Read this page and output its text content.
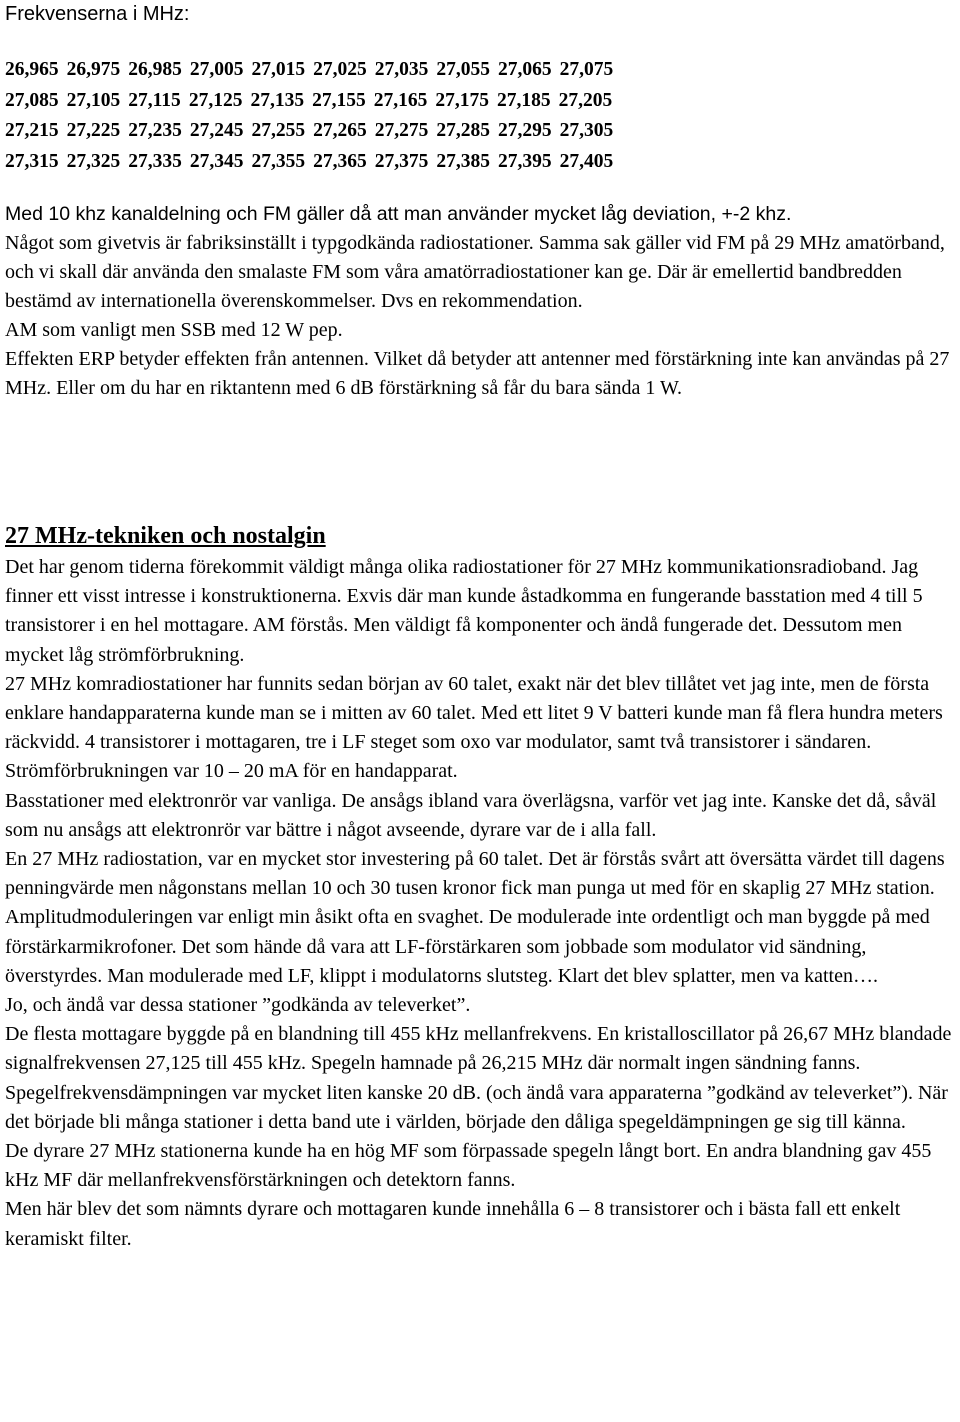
Frekvenserna i MHz:
26,965 26,975 26,985 27,005 27,015 27,025 27,035 27,055 27,065 27,075
27,085 27,105 27,115 27,125 27,135 27,155 27,165 27,175 27,185 27,205
27,215 27,225 27,235 27,245 27,255 27,265 27,275 27,285 27,295 27,305
27,315 27,325 27,335 27,345 27,355 27,365 27,375 27,385 27,395 27,405

Med 10 khz kanaldelning och FM gäller då att man använder mycket låg deviation, +-2 khz.

Något som givetvis är fabriksinställt i typgodkända radiostationer. Samma sak gäller vid FM på 29 MHz amatörband, och vi skall där använda den smalaste FM som våra amatörradiostationer kan ge. Där är emellertid bandbredden bestämd av internationella överenskommelser. Dvs en rekommendation.

AM som vanligt men SSB med 12 W pep.

Effekten ERP betyder effekten från antennen. Vilket då betyder att antenner med förstärkning inte kan användas på 27 MHz. Eller om du har en riktantenn med 6 dB förstärkning så får du bara sända 1 W.

27 MHz-tekniken och nostalgin

Det har genom tiderna förekommit väldigt många olika radiostationer för 27 MHz kommunikationsradioband. Jag finner ett visst intresse i konstruktionerna. Exvis där man kunde åstadkomma en fungerande basstation med 4 till 5 transistorer i en hel mottagare. AM förstås. Men väldigt få komponenter och ändå fungerade det. Dessutom men mycket låg strömförbrukning.

27 MHz komradiostationer har funnits sedan början av 60 talet, exakt när det blev tillåtet vet jag inte, men de första enklare handapparaterna kunde man se i mitten av 60 talet. Med ett litet 9 V batteri kunde man få flera hundra meters räckvidd. 4 transistorer i mottagaren, tre i LF steget som oxo var modulator, samt två transistorer i sändaren. Strömförbrukningen var 10 – 20 mA för en handapparat.

Basstationer med elektronrör var vanliga. De ansågs ibland vara överlägsna, varför vet jag inte. Kanske det då, såväl som nu ansågs att elektronrör var bättre i något avseende, dyrare var de i alla fall.

En 27 MHz radiostation, var en mycket stor investering på 60 talet. Det är förstås svårt att översätta värdet till dagens penningvärde men någonstans mellan 10 och 30 tusen kronor fick man punga ut med för en skaplig 27 MHz station.

Amplitudmoduleringen var enligt min åsikt ofta en svaghet. De modulerade inte ordentligt och man byggde på med förstärkarmikrofoner. Det som hände då vara att LF-förstärkaren som jobbade som modulator vid sändning, överstyrdes. Man modulerade med LF, klippt i modulatorns slutsteg. Klart det blev splatter, men va katten….

Jo, och ändå var dessa stationer ”godkända av televerket”.

De flesta mottagare byggde på en blandning till 455 kHz mellanfrekvens. En kristalloscillator på 26,67 MHz blandade signalfrekvensen 27,125 till 455 kHz. Spegeln hamnade på 26,215 MHz där normalt ingen sändning fanns. Spegelfrekvensdämpningen var mycket liten kanske 20 dB. (och ändå vara apparaterna ”godkänd av televerket”). När det började bli många stationer i detta band ute i världen, började den dåliga spegeldämpningen ge sig till känna.

De dyrare 27 MHz stationerna kunde ha en hög MF som förpassade spegeln långt bort. En andra blandning gav 455 kHz MF där mellanfrekvensförstärkningen och detektorn fanns.

Men här blev det som nämnts dyrare och mottagaren kunde innehålla 6 – 8 transistorer och i bästa fall ett enkelt keramiskt filter.
